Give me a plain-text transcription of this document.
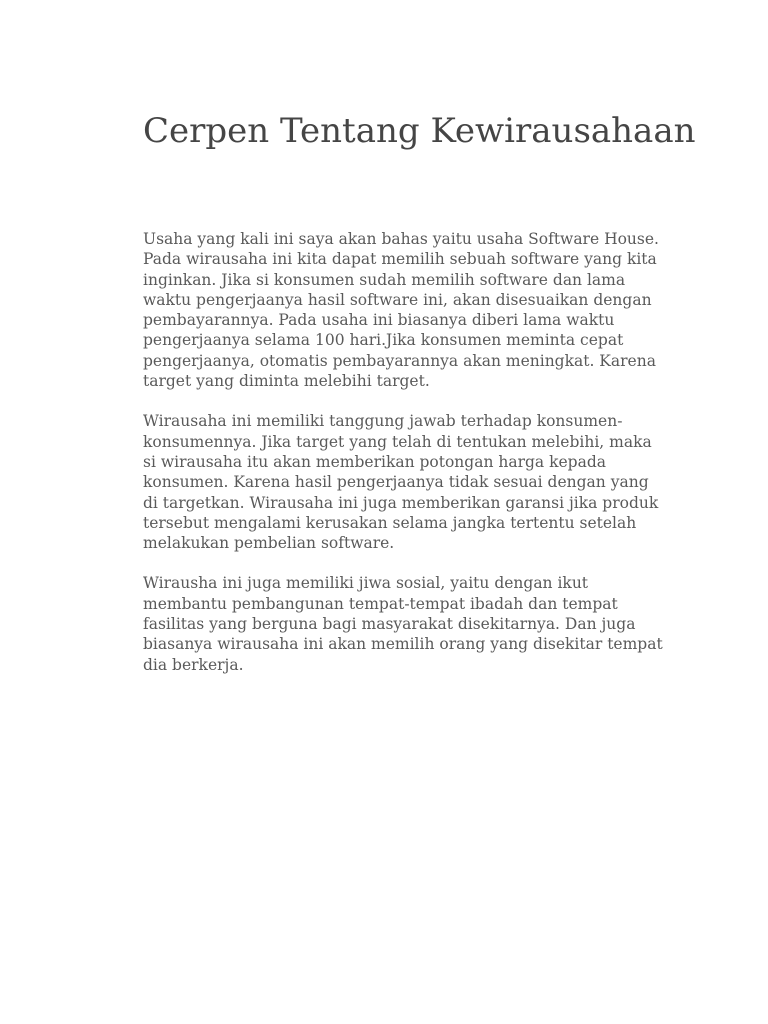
Cerpen Tentang Kewirausahaan

Usaha yang kali ini saya akan bahas yaitu usaha Software House. Pada wirausaha ini kita dapat memilih sebuah software yang kita inginkan. Jika si konsumen sudah memilih software dan lama waktu pengerjaanya hasil software ini, akan disesuaikan dengan pembayarannya. Pada usaha ini biasanya diberi lama waktu pengerjaanya selama 100 hari.Jika konsumen meminta cepat pengerjaanya, otomatis pembayarannya akan meningkat. Karena target yang diminta melebihi target.

Wirausaha ini memiliki tanggung jawab terhadap konsumen-konsumennya. Jika target yang telah di tentukan melebihi, maka si wirausaha itu akan memberikan potongan harga kepada konsumen. Karena hasil pengerjaanya tidak sesuai dengan yang di targetkan. Wirausaha ini juga memberikan garansi jika produk tersebut mengalami kerusakan selama jangka tertentu setelah melakukan pembelian software.

Wirausha ini juga memiliki jiwa sosial, yaitu dengan ikut membantu pembangunan tempat-tempat ibadah dan tempat fasilitas yang berguna bagi masyarakat disekitarnya. Dan juga biasanya wirausaha ini akan memilih orang yang disekitar tempat dia berkerja.
